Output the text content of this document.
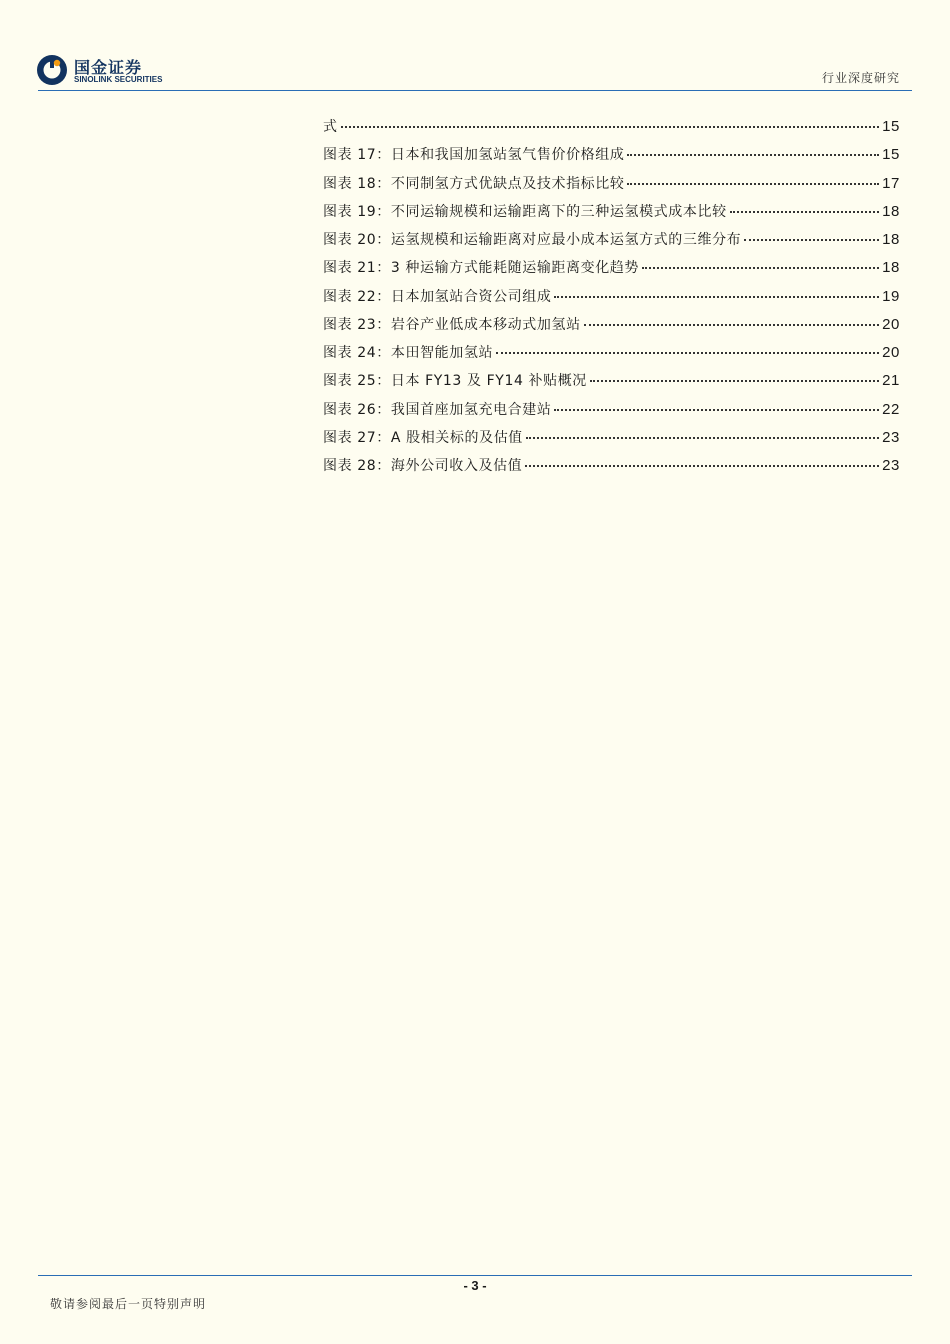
国金证券
SINOLINK SECURITIES	行业深度研究
式	15
图表 17：日本和我国加氢站氢气售价价格组成	15
图表 18：不同制氢方式优缺点及技术指标比较	17
图表 19：不同运输规模和运输距离下的三种运氢模式成本比较	18
图表 20：运氢规模和运输距离对应最小成本运氢方式的三维分布	18
图表 21：3 种运输方式能耗随运输距离变化趋势	18
图表 22：日本加氢站合资公司组成	19
图表 23：岩谷产业低成本移动式加氢站	20
图表 24：本田智能加氢站	20
图表 25：日本 FY13 及 FY14 补贴概况	21
图表 26：我国首座加氢充电合建站	22
图表 27：A 股相关标的及估值	23
图表 28：海外公司收入及估值	23
- 3 -
敬请参阅最后一页特别声明
